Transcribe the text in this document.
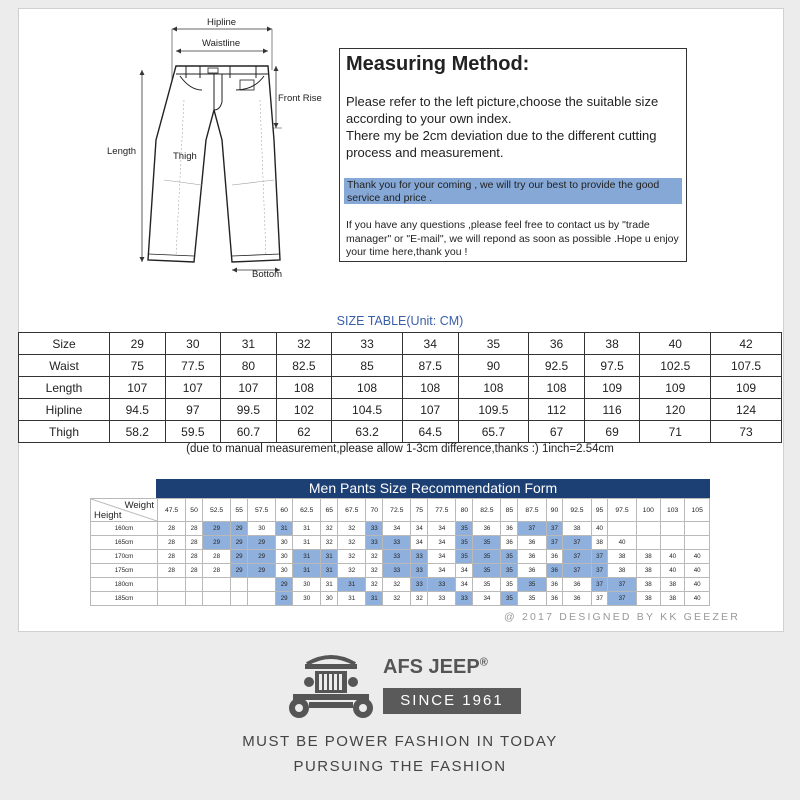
Hipline
Waistline
Front Rise
Length	Thigh
Bottom
Measuring Method:
Please refer to the left picture,choose the suitable size according to your own index.
There my be 2cm deviation due to the different cutting process and measurement.
Thank you for your coming , we will try our best to provide the good service and price .
If you have any questions ,please feel free to contact us by "trade manager" or "E-mail", we will repond as soon as possible .Hope u enjoy your time here,thank you !
SIZE TABLE(Unit: CM)
Size	29	30	31	32	33	34	35	36	38	40	42
Waist	75	77.5	80	82.5	85	87.5	90	92.5	97.5	102.5	107.5
Length	107	107	107	108	108	108	108	108	109	109	109
Hipline	94.5	97	99.5	102	104.5	107	109.5	112	116	120	124
Thigh	58.2	59.5	60.7	62	63.2	64.5	65.7	67	69	71	73
(due to manual measurement,please allow 1-3cm difference,thanks :) 1inch=2.54cm
Men Pants Size Recommendation Form
Weight
Height	47.5	50	52.5	55	57.5	60	62.5	65	67.5	70	72.5	75	77.5	80	82.5	85	87.5	90	92.5	95	97.5	100	103	105
160cm	28	28	29	29	30	31	31	32	32	33	34	34	34	35	36	36	37	37	38	40				
165cm	28	28	29	29	29	30	31	32	32	33	33	34	34	35	35	36	36	37	37	38	40			
170cm	28	28	28	29	29	30	31	31	32	32	33	33	34	35	35	35	36	36	37	37	38	38	40	40
175cm	28	28	28	29	29	30	31	31	32	32	33	33	34	34	35	35	36	36	37	37	38	38	40	40
180cm						29	30	31	31	32	32	33	33	34	35	35	35	36	36	37	37	38	38	40
185cm						29	30	30	31	31	32	32	33	33	34	35	35	36	36	37	37	38	38	40
@ 2017 DESIGNED BY KK GEEZER
AFS JEEP®
SINCE 1961
MUST BE POWER FASHION IN TODAY
PURSUING THE FASHION
